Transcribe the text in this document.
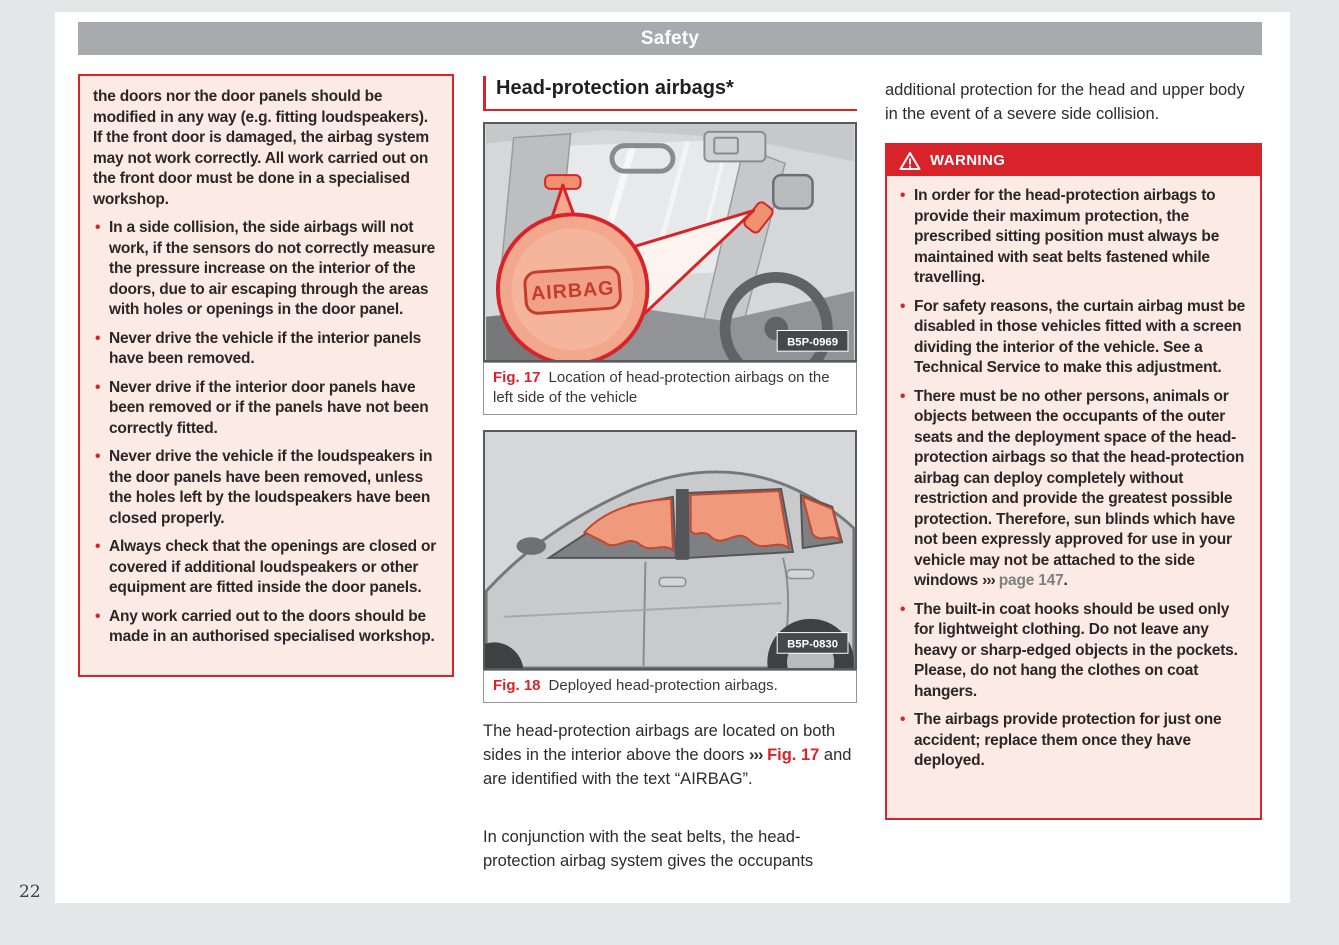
Safety

the doors nor the door panels should be modified in any way (e.g. fitting loudspeakers). If the front door is damaged, the airbag system may not work correctly. All work carried out on the front door must be done in a specialised workshop.

• In a side collision, the side airbags will not work, if the sensors do not correctly measure the pressure increase on the interior of the doors, due to air escaping through the areas with holes or openings in the door panel.

• Never drive the vehicle if the interior panels have been removed.

• Never drive if the interior door panels have been removed or if the panels have not been correctly fitted.

• Never drive the vehicle if the loudspeakers in the door panels have been removed, unless the holes left by the loudspeakers have been closed properly.

• Always check that the openings are closed or covered if additional loudspeakers or other equipment are fitted inside the door panels.

• Any work carried out to the doors should be made in an authorised specialised workshop.

Head-protection airbags*
AIRBAG
B5P-0969
Fig. 17 Location of head-protection airbags on the left side of the vehicle
B5P-0830
Fig. 18 Deployed head-protection airbags.

The head-protection airbags are located on both sides in the interior above the doors ››› Fig. 17 and are identified with the text “AIRBAG”.

In conjunction with the seat belts, the head-protection airbag system gives the occupants

additional protection for the head and upper body in the event of a severe side collision.

WARNING

• In order for the head-protection airbags to provide their maximum protection, the prescribed sitting position must always be maintained with seat belts fastened while travelling.

• For safety reasons, the curtain airbag must be disabled in those vehicles fitted with a screen dividing the interior of the vehicle. See a Technical Service to make this adjustment.

• There must be no other persons, animals or objects between the occupants of the outer seats and the deployment space of the head-protection airbags so that the head-protection airbag can deploy completely without restriction and provide the greatest possible protection. Therefore, sun blinds which have not been expressly approved for use in your vehicle may not be attached to the side windows ››› page 147.

• The built-in coat hooks should be used only for lightweight clothing. Do not leave any heavy or sharp-edged objects in the pockets. Please, do not hang the clothes on coat hangers.

• The airbags provide protection for just one accident; replace them once they have deployed.

22
